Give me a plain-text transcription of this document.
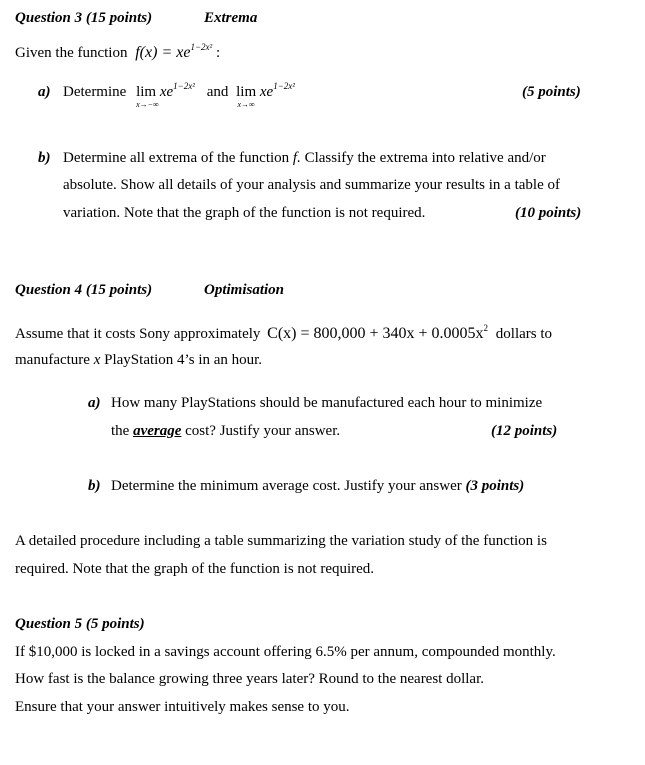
Question 3 (15 points)	Extrema
Given the function $f(x) = xe^{1-2x^2}$ :
a) Determine lim
x→−∞
$xe^{1-2x^2}$ and lim
x→∞
$xe^{1-2x^2}$	(5 points)
b) Determine all extrema of the function f. Classify the extrema into relative and/or
absolute. Show all details of your analysis and summarize your results in a table of
variation. Note that the graph of the function is not required.	(10 points)
Question 4 (15 points)	Optimisation
Assume that it costs Sony approximately $C(x) = 800,000 + 340x + 0.0005x^2$ dollars to
manufacture x PlayStation 4’s in an hour.
a) How many PlayStations should be manufactured each hour to minimize
the average cost? Justify your answer.	(12 points)
b) Determine the minimum average cost. Justify your answer (3 points)
A detailed procedure including a table summarizing the variation study of the function is
required. Note that the graph of the function is not required.
Question 5 (5 points)
If $10,000 is locked in a savings account offering 6.5% per annum, compounded monthly.
How fast is the balance growing three years later? Round to the nearest dollar.
Ensure that your answer intuitively makes sense to you.
